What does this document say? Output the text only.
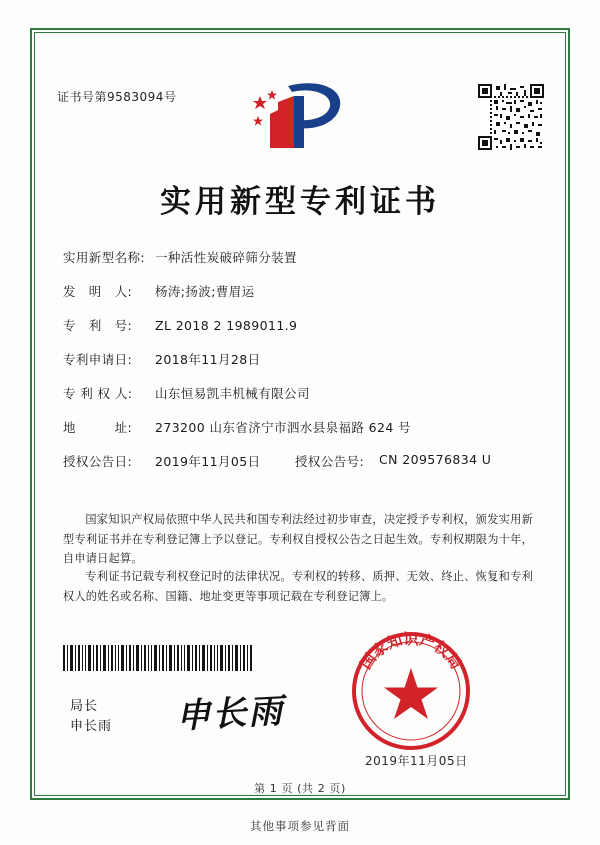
证书号第9583094号
实用新型专利证书
实用新型名称: 一种活性炭破碎筛分装置
发　明　人:	杨涛;扬波;曹眉运
专　利　号:	ZL 2018 2 1989011.9
专利申请日:	2018年11月28日
专 利 权 人:	山东恒易凯丰机械有限公司
地　　　址:	273200 山东省济宁市泗水县泉福路 624 号
授权公告日:	2019年11月05日	授权公告号:	CN 209576834 U
国家知识产权局依照中华人民共和国专利法经过初步审查，决定授予专利权，颁发实用新型专利证书并在专利登记簿上予以登记。专利权自授权公告之日起生效。专利权期限为十年，自申请日起算。
专利证书记载专利权登记时的法律状况。专利权的转移、质押、无效、终止、恢复和专利权人的姓名或名称、国籍、地址变更等事项记载在专利登记簿上。
局长
申长雨 申长雨
国家知识产权局
2019年11月05日
第 1 页 (共 2 页)
其他事项参见背面
